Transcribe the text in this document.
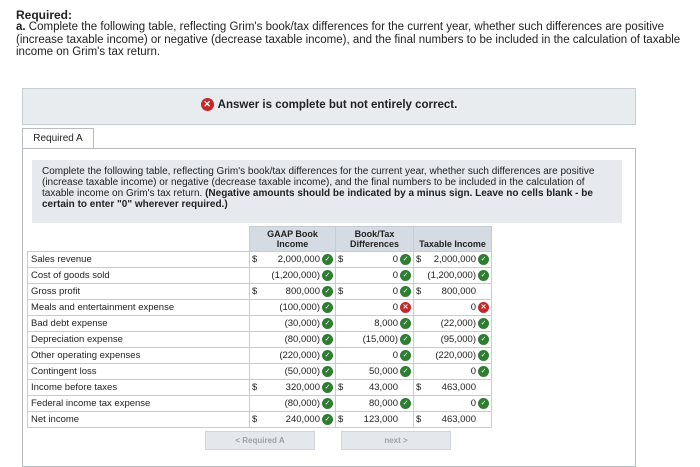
Required:
a. Complete the following table, reflecting Grim's book/tax differences for the current year, whether such differences are positive (increase taxable income) or negative (decrease taxable income), and the final numbers to be included in the calculation of taxable income on Grim's tax return.
✕ Answer is complete but not entirely correct.
Required A
Complete the following table, reflecting Grim's book/tax differences for the current year, whether such differences are positive (increase taxable income) or negative (decrease taxable income), and the final numbers to be included in the calculation of taxable income on Grim's tax return. (Negative amounts should be indicated by a minus sign. Leave no cells blank - be certain to enter "0" wherever required.)
	GAAP Book Income	Book/Tax Differences	Taxable Income
Sales revenue	$ 2,000,000 ✓	$ 0 ✓	$ 2,000,000 ✓

Cost of goods sold	(1,200,000) ✓	0 ✓	(1,200,000) ✓

Gross profit	$ 800,000 ✓	$ 0 ✓	$ 800,000

Meals and entertainment expense	(100,000) ✓	0 ✕	0 ✕

Bad debt expense	(30,000) ✓	8,000 ✓	(22,000) ✓

Depreciation expense	(80,000) ✓	(15,000) ✓	(95,000) ✓

Other operating expenses	(220,000) ✓	0 ✓	(220,000) ✓

Contingent loss	(50,000) ✓	50,000 ✓	0 ✓

Income before taxes	$ 320,000 ✓	$ 43,000	$ 463,000

Federal income tax expense	(80,000) ✓	80,000 ✓	0 ✓

Net income	$ 240,000 ✓	$ 123,000	$ 463,000
< Required A	next >
